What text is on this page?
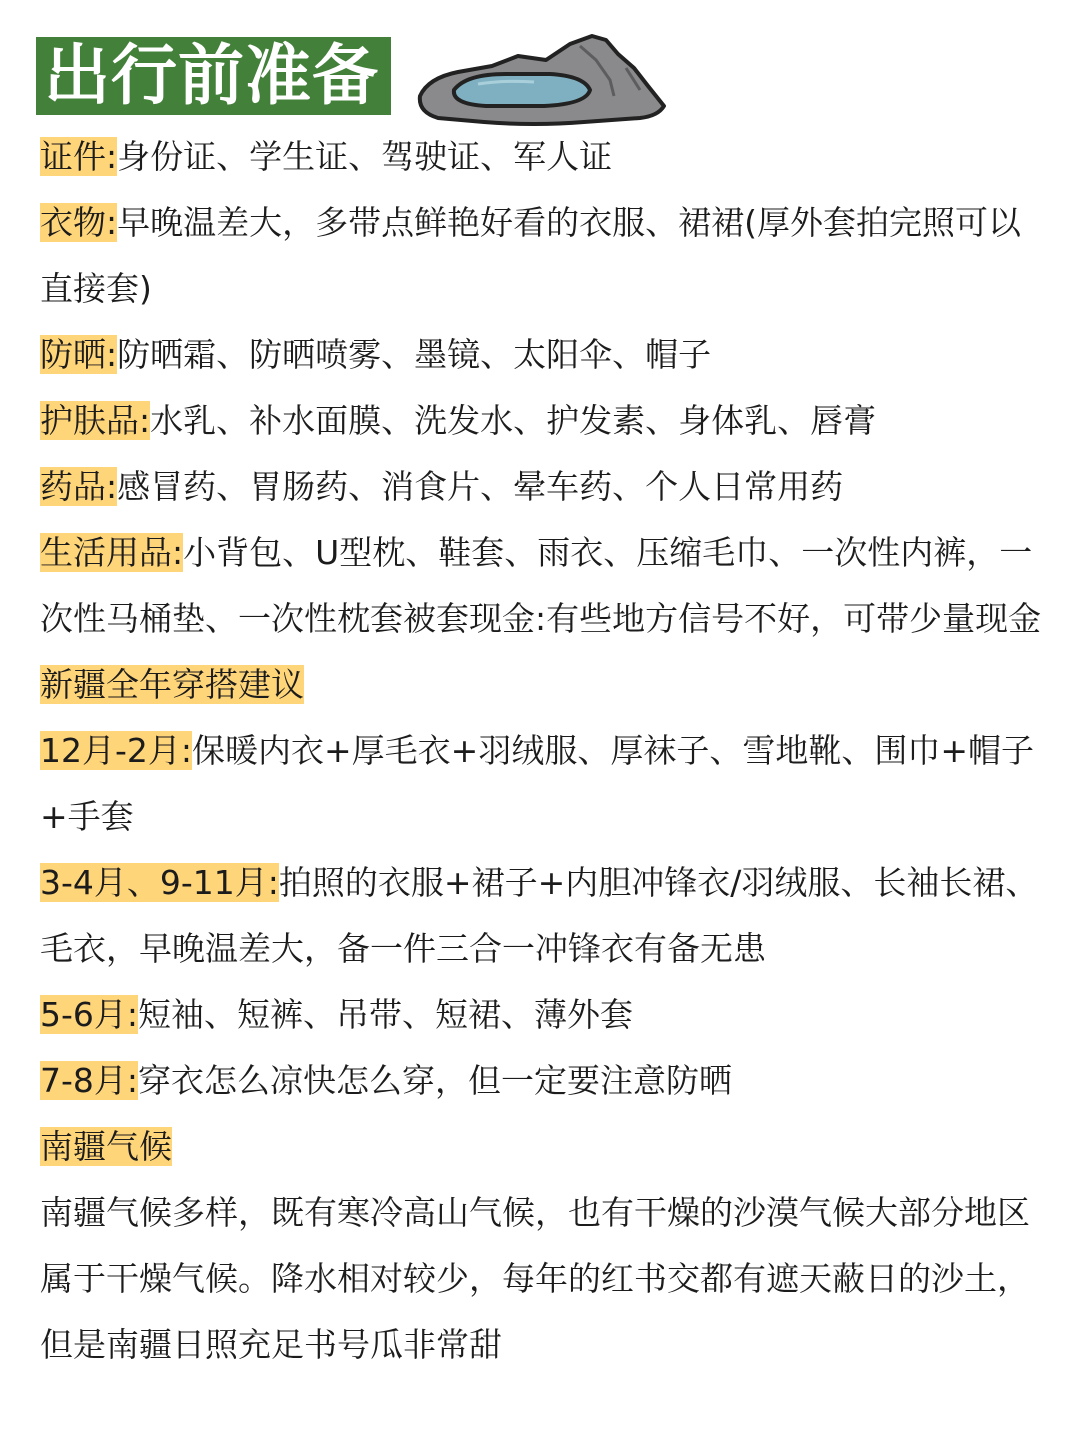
出行前准备

证件:身份证、学生证、驾驶证、军人证

衣物:早晚温差大，多带点鲜艳好看的衣服、裙裙(厚外套拍完照可以直接套)

防晒:防晒霜、防晒喷雾、墨镜、太阳伞、帽子

护肤品:水乳、补水面膜、洗发水、护发素、身体乳、唇膏

药品:感冒药、胃肠药、消食片、晕车药、个人日常用药

生活用品:小背包、U型枕、鞋套、雨衣、压缩毛巾、一次性内裤，一次性马桶垫、一次性枕套被套现金:有些地方信号不好，可带少量现金

新疆全年穿搭建议

12月-2月:保暖内衣+厚毛衣+羽绒服、厚袜子、雪地靴、围巾+帽子+手套

3-4月、9-11月:拍照的衣服+裙子+内胆冲锋衣/羽绒服、长袖长裙、毛衣，早晚温差大，备一件三合一冲锋衣有备无患

5-6月:短袖、短裤、吊带、短裙、薄外套

7-8月:穿衣怎么凉快怎么穿，但一定要注意防晒

南疆气候

南疆气候多样，既有寒冷高山气候，也有干燥的沙漠气候大部分地区属于干燥气候。降水相对较少，每年的红书交都有遮天蔽日的沙土，但是南疆日照充足书号瓜非常甜
